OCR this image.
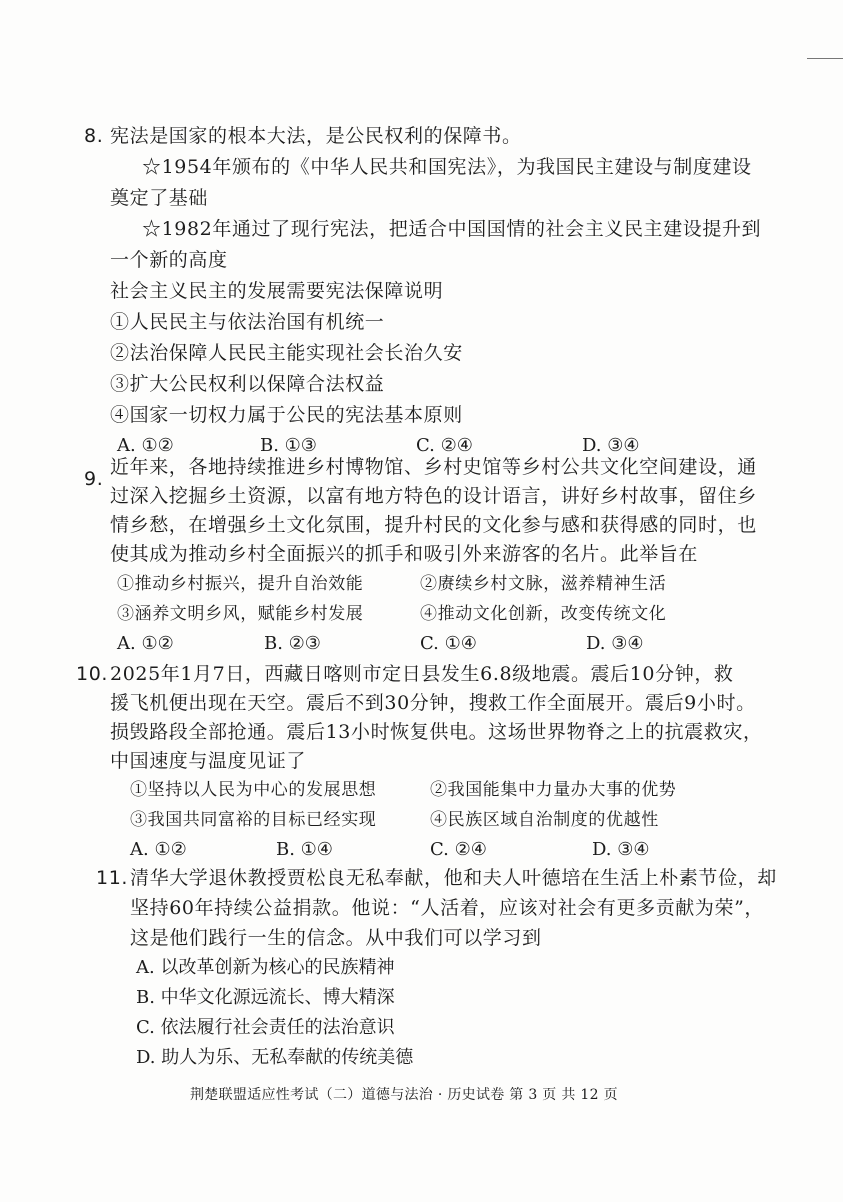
8. 宪法是国家的根本大法，是公民权利的保障书。
☆1954年颁布的《中华人民共和国宪法》，为我国民主建设与制度建设
奠定了基础
☆1982年通过了现行宪法，把适合中国国情的社会主义民主建设提升到
一个新的高度
社会主义民主的发展需要宪法保障说明
①人民民主与依法治国有机统一
②法治保障人民民主能实现社会长治久安
③扩大公民权利以保障合法权益
④国家一切权力属于公民的宪法基本原则
A. ①②	B. ①③	C. ②④	D. ③④
9.
近年来，各地持续推进乡村博物馆、乡村史馆等乡村公共文化空间建设，通
过深入挖掘乡土资源，以富有地方特色的设计语言，讲好乡村故事，留住乡
情乡愁，在增强乡土文化氛围，提升村民的文化参与感和获得感的同时，也
使其成为推动乡村全面振兴的抓手和吸引外来游客的名片。此举旨在
①推动乡村振兴，提升自治效能	②赓续乡村文脉，滋养精神生活
③涵养文明乡风，赋能乡村发展	④推动文化创新，改变传统文化
A. ①②	B. ②③	C. ①④	D. ③④
10. 2025年1月7日，西藏日喀则市定日县发生6.8级地震。震后10分钟，救
援飞机便出现在天空。震后不到30分钟，搜救工作全面展开。震后9小时。
损毁路段全部抢通。震后13小时恢复供电。这场世界物脊之上的抗震救灾，
中国速度与温度见证了
①坚持以人民为中心的发展思想	②我国能集中力量办大事的优势
③我国共同富裕的目标已经实现	④民族区域自治制度的优越性
A. ①②	B. ①④	C. ②④	D. ③④
11. 清华大学退休教授贾松良无私奉献，他和夫人叶德培在生活上朴素节俭，却
坚持60年持续公益捐款。他说：“人活着，应该对社会有更多贡献为荣”，
这是他们践行一生的信念。从中我们可以学习到
A. 以改革创新为核心的民族精神
B. 中华文化源远流长、博大精深
C. 依法履行社会责任的法治意识
D. 助人为乐、无私奉献的传统美德
荆楚联盟适应性考试（二）道德与法治 · 历史试卷 第 3 页 共 12 页
